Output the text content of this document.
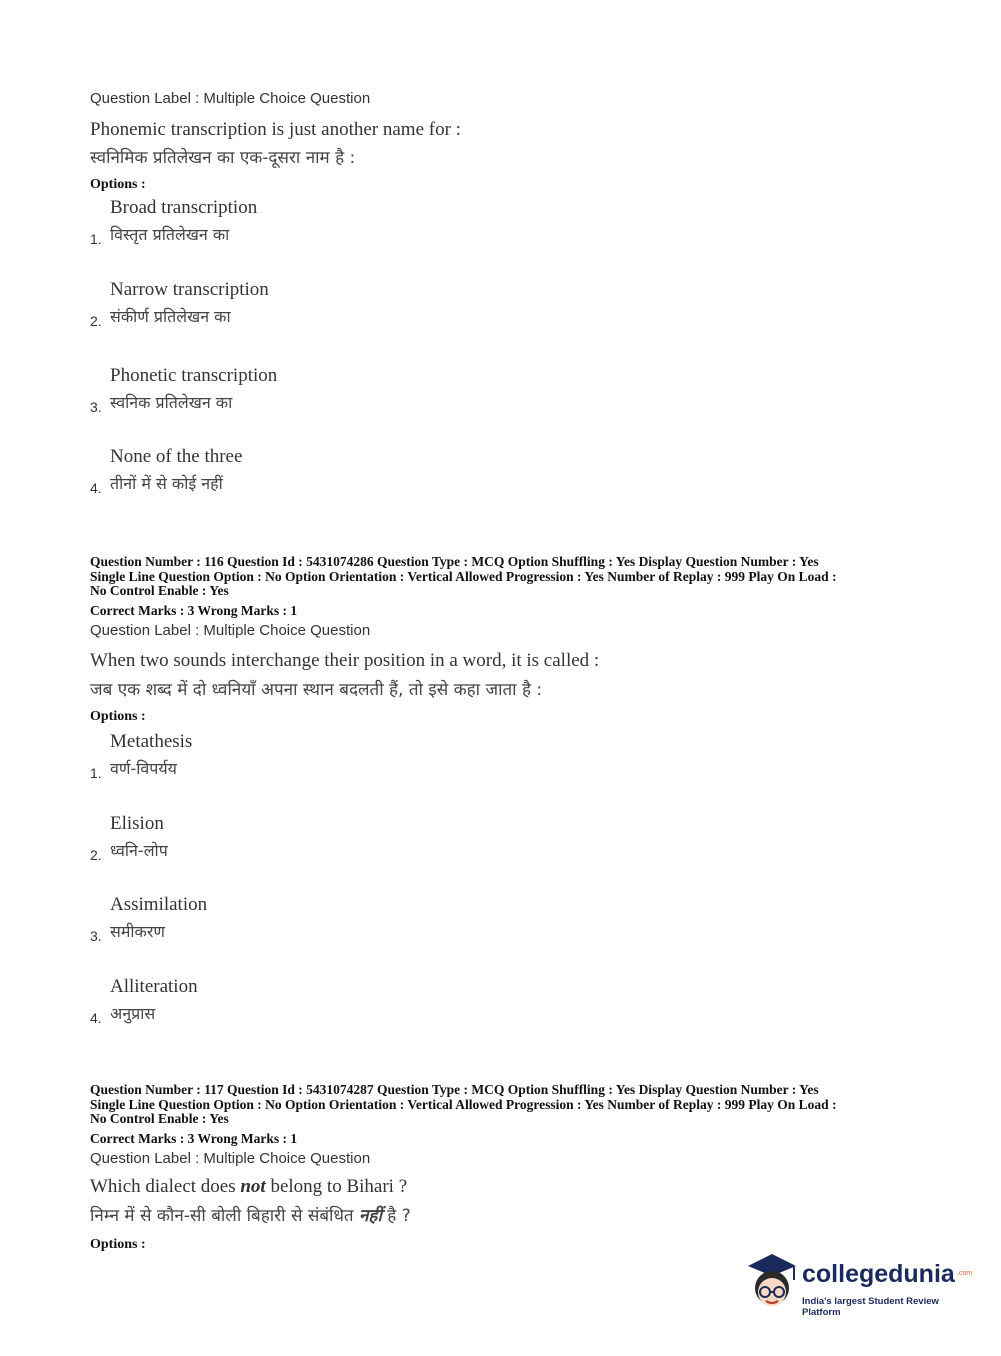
Question Label : Multiple Choice Question
Phonemic transcription is just another name for :
स्वनिमिक प्रतिलेखन का एक-दूसरा नाम है :
Options :
1.
Broad transcription
विस्तृत प्रतिलेखन का
2.
Narrow transcription
संकीर्ण प्रतिलेखन का
3.
Phonetic transcription
स्वनिक प्रतिलेखन का
4.
None of the three
तीनों में से कोई नहीं
Question Number : 116 Question Id : 5431074286 Question Type : MCQ Option Shuffling : Yes Display Question Number : Yes
Single Line Question Option : No Option Orientation : Vertical Allowed Progression : Yes Number of Replay : 999 Play On Load :
No Control Enable : Yes
Correct Marks : 3 Wrong Marks : 1
Question Label : Multiple Choice Question
When two sounds interchange their position in a word, it is called :
जब एक शब्द में दो ध्वनियाँ अपना स्थान बदलती हैं, तो इसे कहा जाता है :
Options :
1.
Metathesis
वर्ण-विपर्यय
2.
Elision
ध्वनि-लोप
3.
Assimilation
समीकरण
4.
Alliteration
अनुप्रास
Question Number : 117 Question Id : 5431074287 Question Type : MCQ Option Shuffling : Yes Display Question Number : Yes
Single Line Question Option : No Option Orientation : Vertical Allowed Progression : Yes Number of Replay : 999 Play On Load :
No Control Enable : Yes
Correct Marks : 3 Wrong Marks : 1
Question Label : Multiple Choice Question
Which dialect does not belong to Bihari ?
निम्न में से कौन-सी बोली बिहारी से संबंधित नहीं है ?
Options :
collegedunia .com
India's largest Student Review Platform
